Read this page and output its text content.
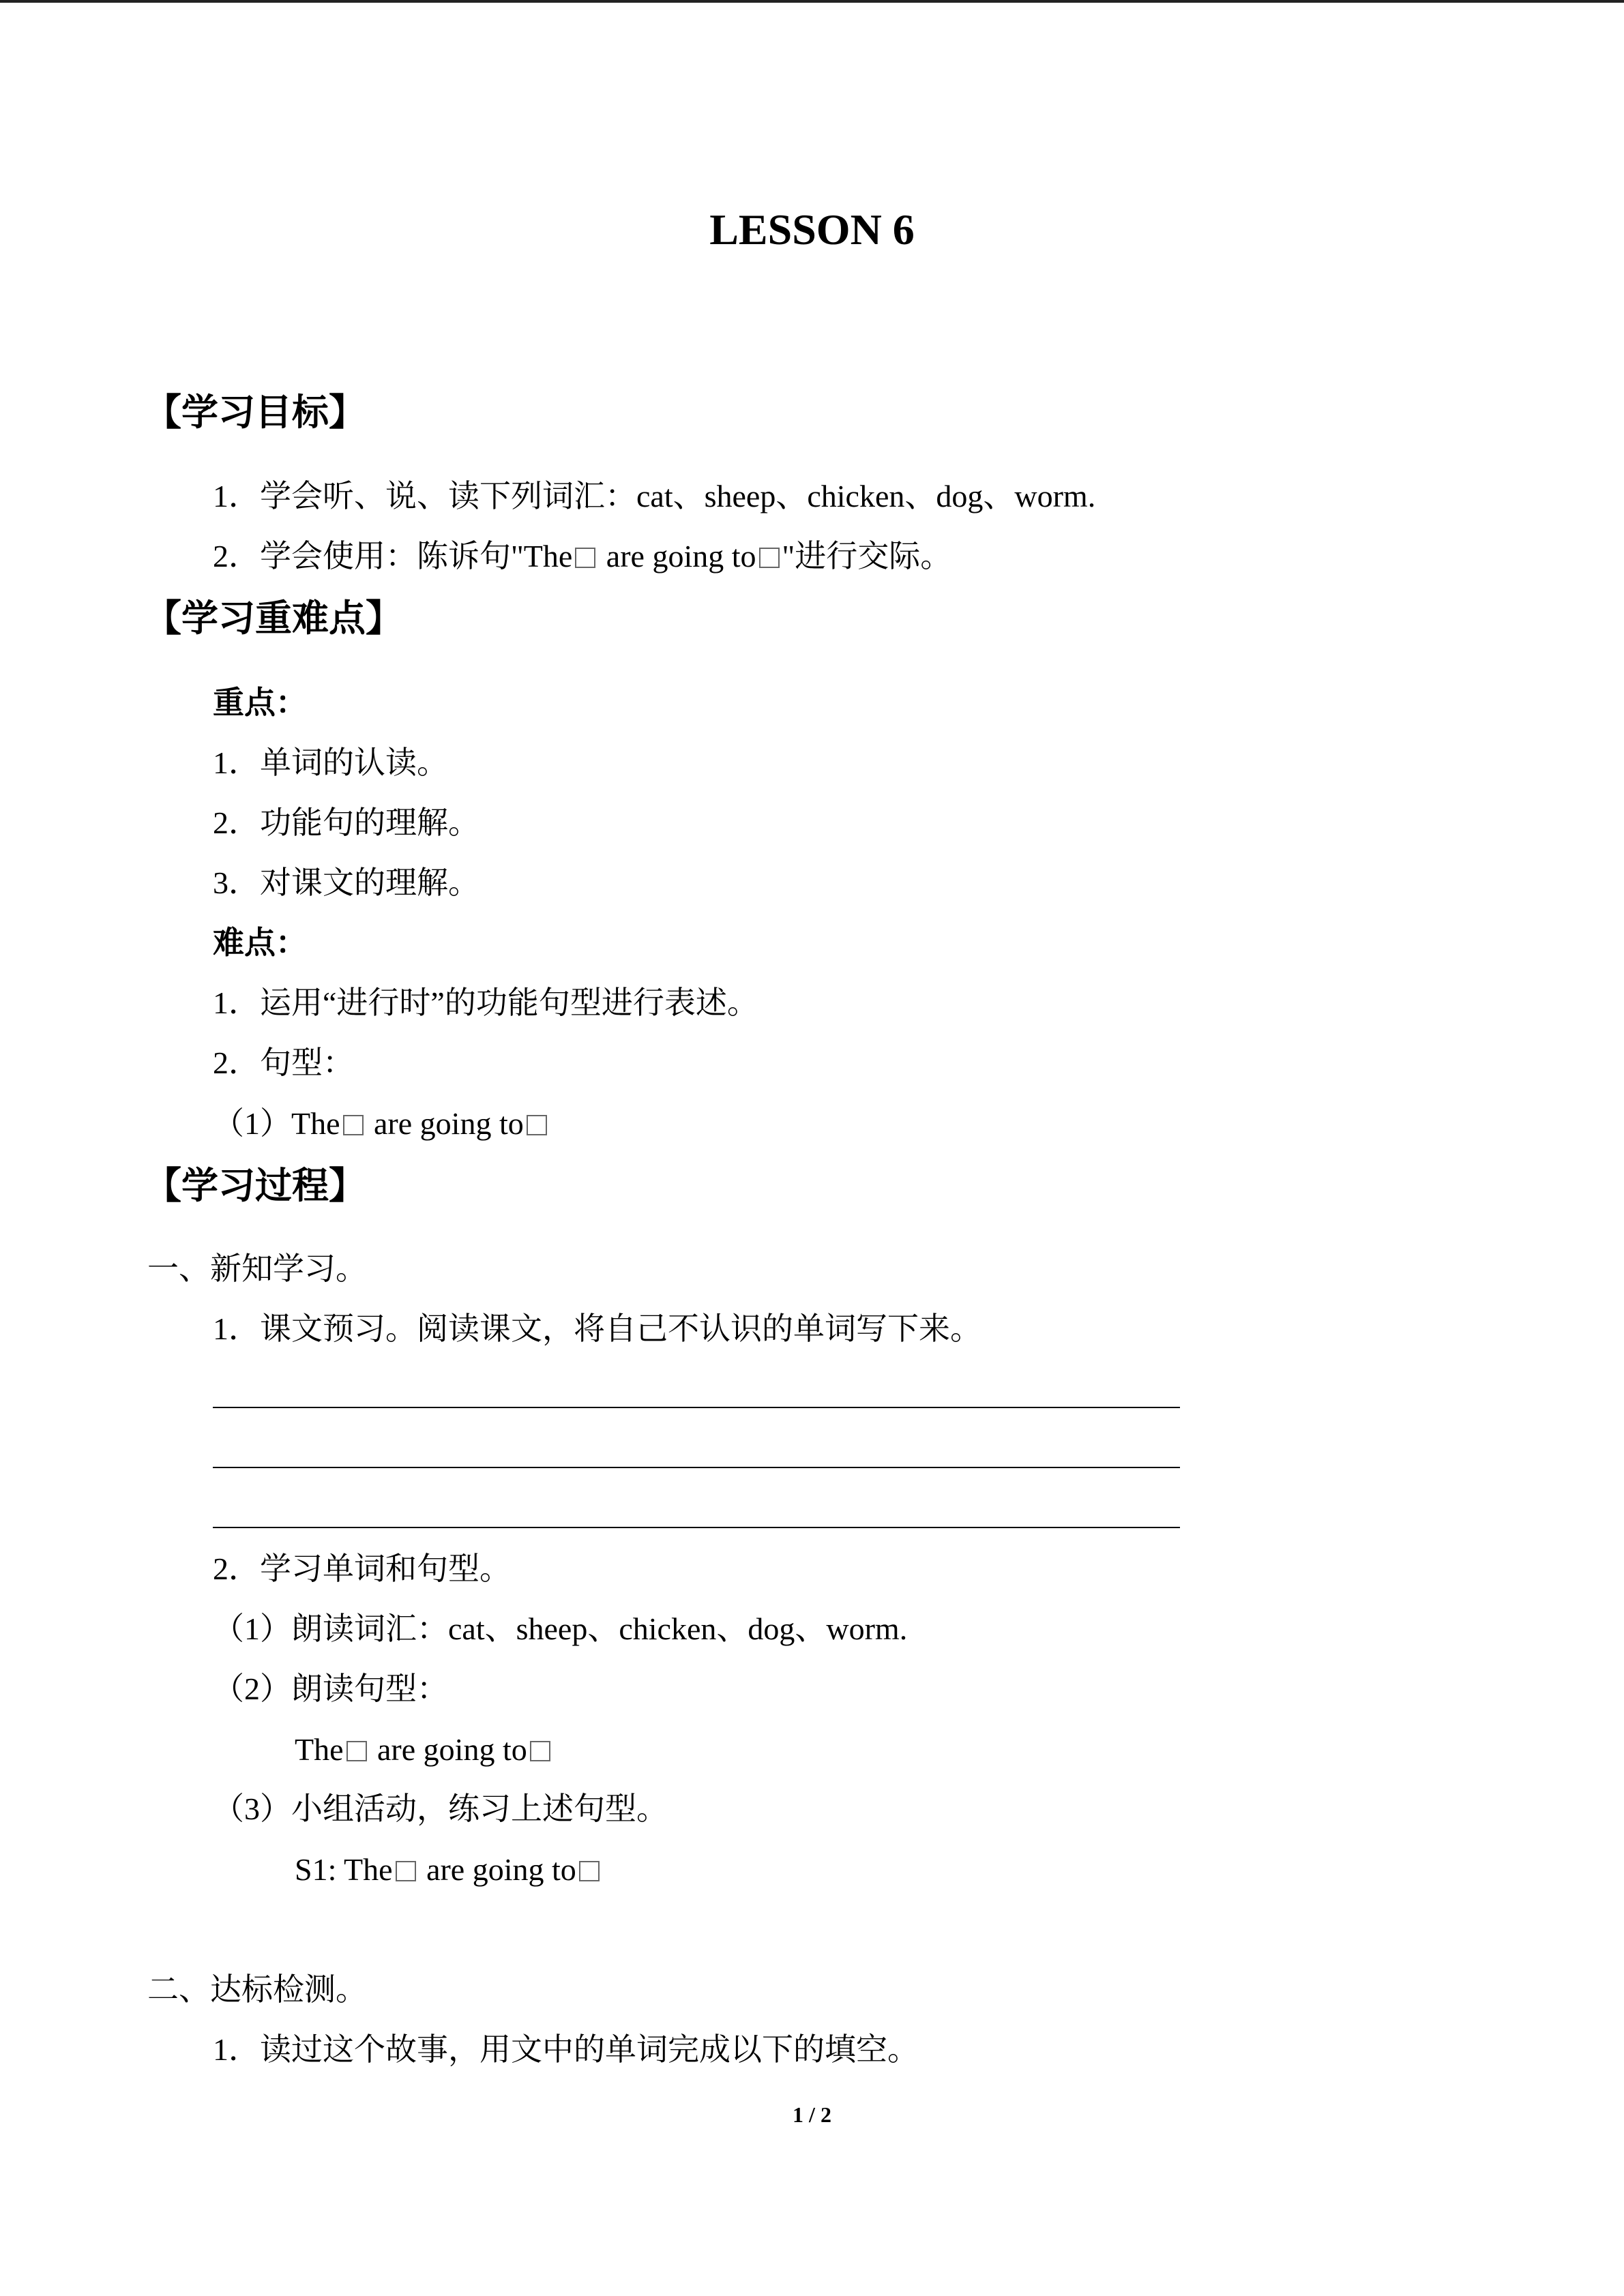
LESSON 6
【学习目标】
1．学会听、说、读下列词汇：cat、sheep、chicken、dog、worm.
2．学会使用：陈诉句"The are going to "进行交际。
【学习重难点】
重点：
1．单词的认读。
2．功能句的理解。
3．对课文的理解。
难点：
1．运用“进行时”的功能句型进行表述。
2．句型：
（1）The are going to
【学习过程】
一、新知学习。
1．课文预习。阅读课文，将自己不认识的单词写下来。
2．学习单词和句型。
（1）朗读词汇：cat、sheep、chicken、dog、worm.
（2）朗读句型：
The are going to
（3）小组活动，练习上述句型。
S1: The are going to
二、达标检测。
1．读过这个故事，用文中的单词完成以下的填空。
1 / 2
